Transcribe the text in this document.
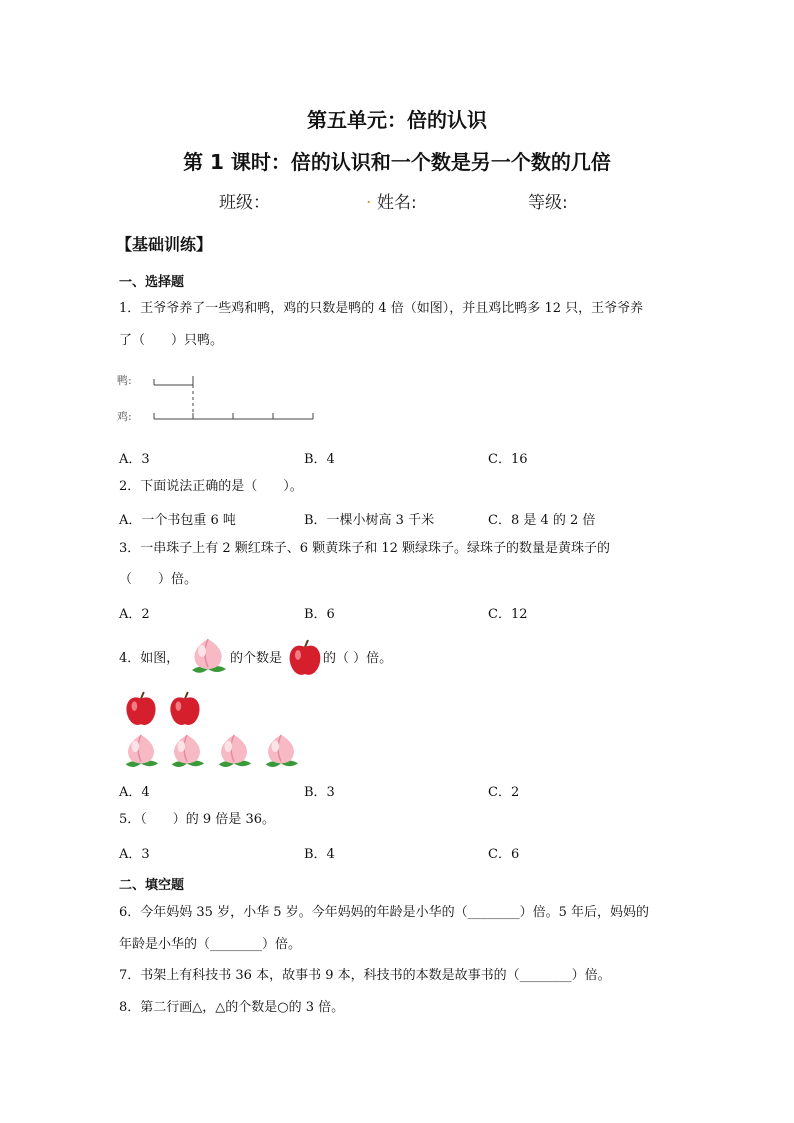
第五单元：倍的认识
第 1 课时：倍的认识和一个数是另一个数的几倍
班级：	. 姓名:	等级:
【基础训练】
一、选择题
1．王爷爷养了一些鸡和鸭，鸡的只数是鸭的 4 倍（如图），并且鸡比鸭多 12 只，王爷爷养
了（　　）只鸭。
鸭:
鸡:
A．3	B．4	C．16
2．下面说法正确的是（　　）。
A．一个书包重 6 吨	B．一棵小树高 3 千米	C．8 是 4 的 2 倍
3．一串珠子上有 2 颗红珠子、6 颗黄珠子和 12 颗绿珠子。绿珠子的数量是黄珠子的
（　　）倍。
A．2	B．6	C．12
4．如图，	的个数是	的（ ）倍。
A．4	B．3	C．2
5．（　　）的 9 倍是 36。
A．3	B．4	C．6
二、填空题
6．今年妈妈 35 岁，小华 5 岁。今年妈妈的年龄是小华的（________）倍。5 年后，妈妈的
年龄是小华的（________）倍。
7．书架上有科技书 36 本，故事书 9 本，科技书的本数是故事书的（________）倍。
8．第二行画△，△的个数是○的 3 倍。
